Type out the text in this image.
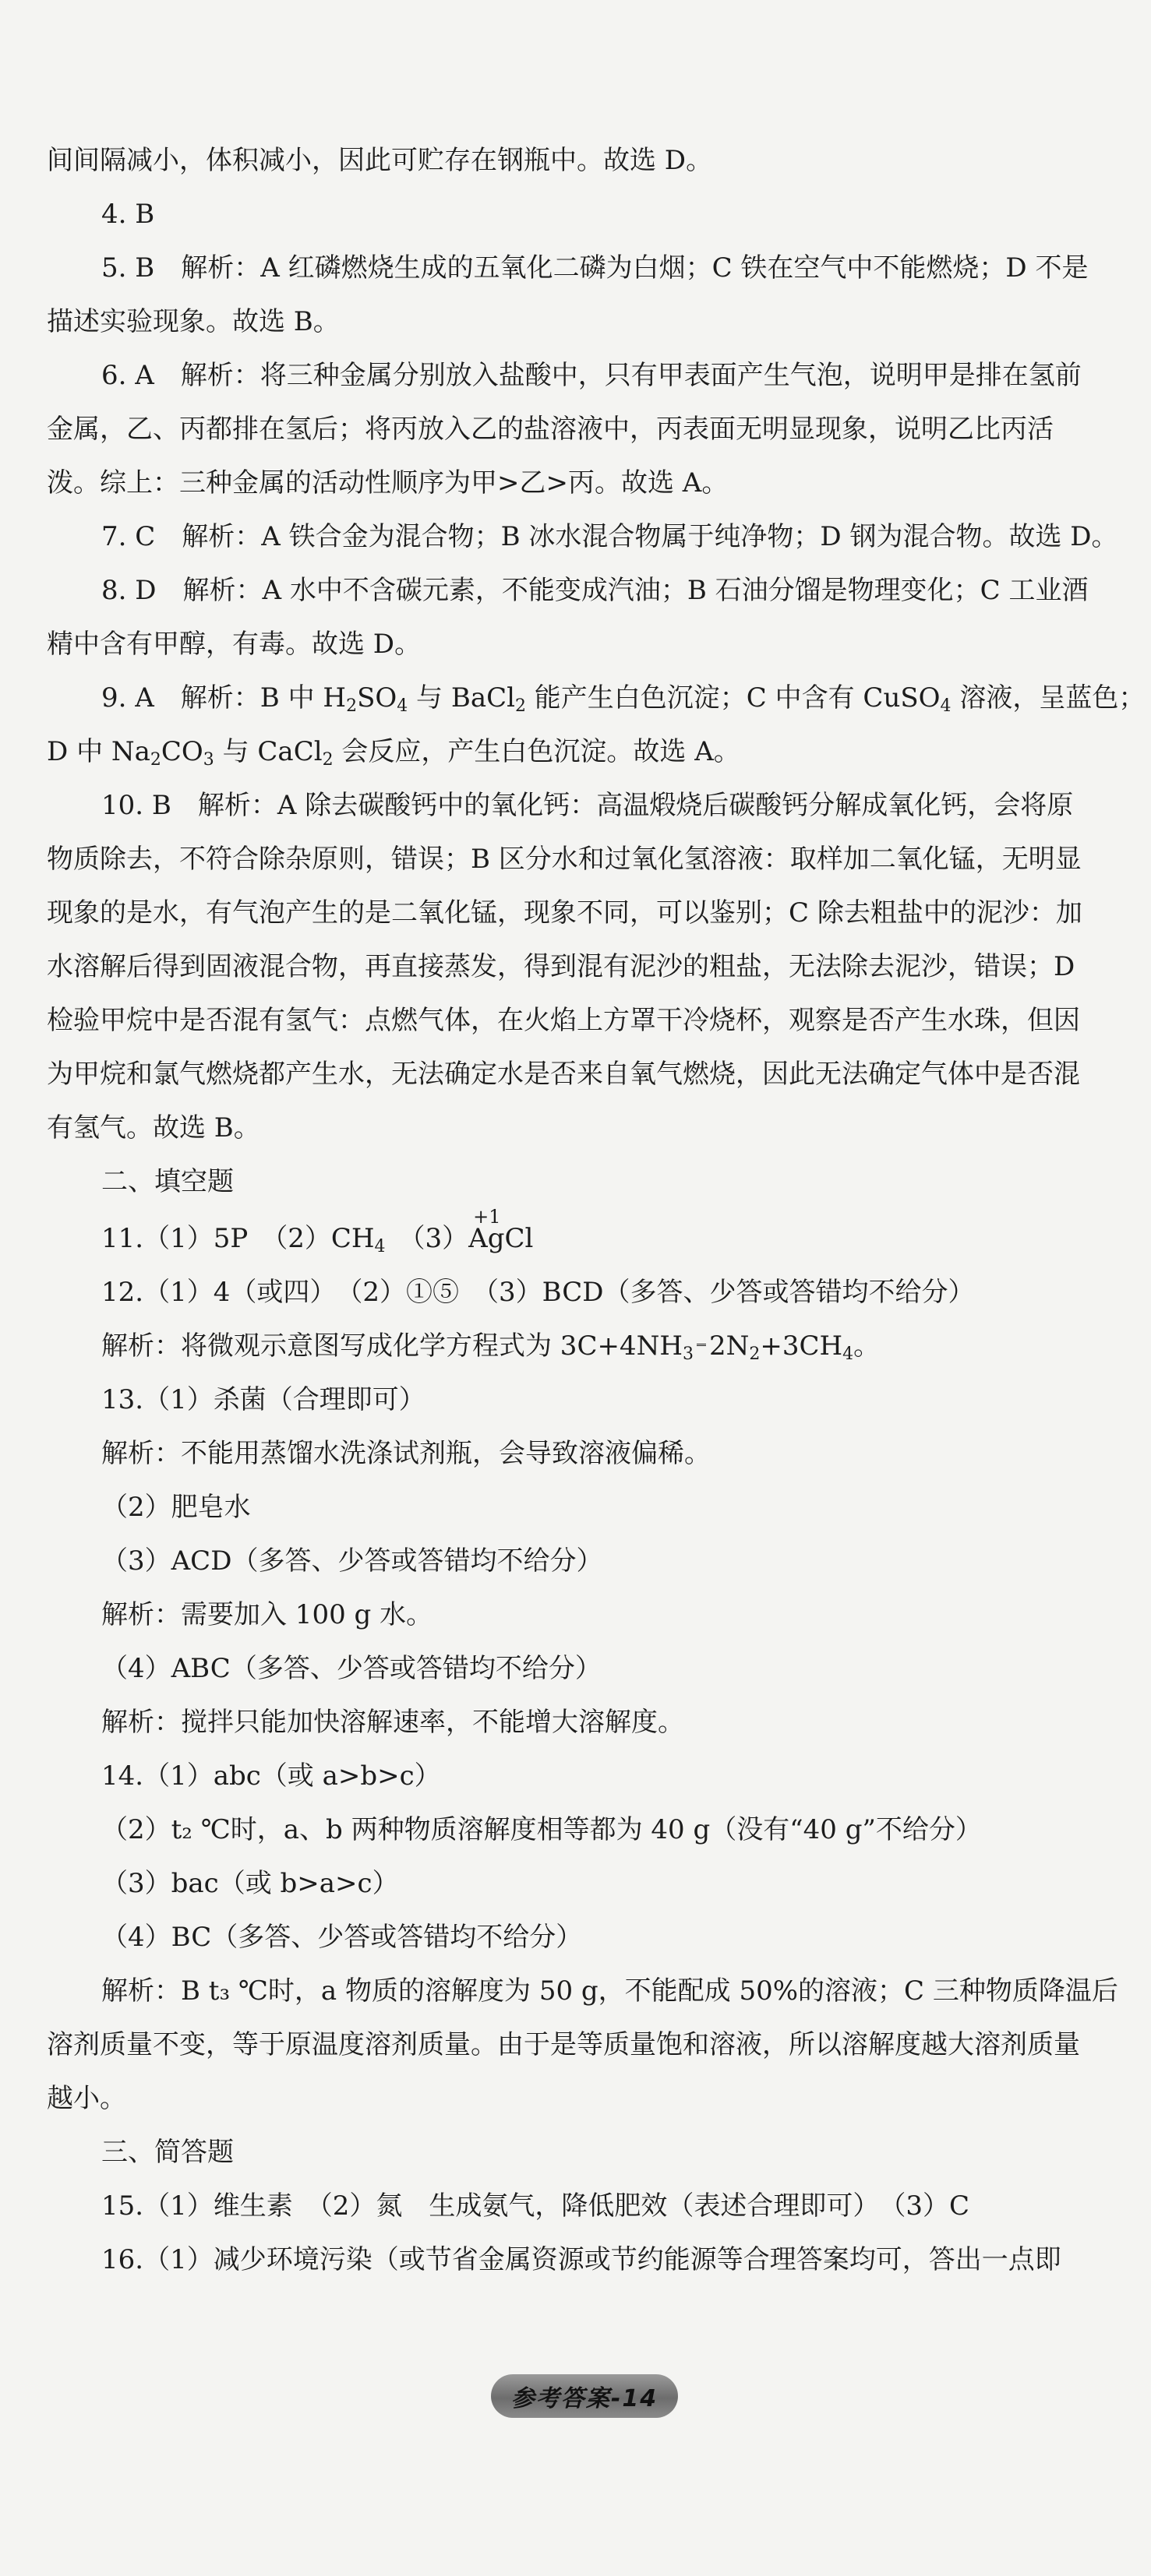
间间隔减小，体积减小，因此可贮存在钢瓶中。故选 D。
4. B
5. B　解析：A 红磷燃烧生成的五氧化二磷为白烟；C 铁在空气中不能燃烧；D 不是
描述实验现象。故选 B。
6. A　解析：将三种金属分别放入盐酸中，只有甲表面产生气泡，说明甲是排在氢前
金属，乙、丙都排在氢后；将丙放入乙的盐溶液中，丙表面无明显现象，说明乙比丙活
泼。综上：三种金属的活动性顺序为甲>乙>丙。故选 A。
7. C　解析：A 铁合金为混合物；B 冰水混合物属于纯净物；D 钢为混合物。故选 D。
8. D　解析：A 水中不含碳元素，不能变成汽油；B 石油分馏是物理变化；C 工业酒
精中含有甲醇，有毒。故选 D。
9. A　解析：B 中 $H_2SO_4$ 与 BaCl$_2$ 能产生白色沉淀；C 中含有 CuSO$_4$ 溶液，呈蓝色；
D 中 $Na_2CO_3$ 与 CaCl$_2$ 会反应，产生白色沉淀。故选 A。
10. B　解析：A 除去碳酸钙中的氧化钙：高温煅烧后碳酸钙分解成氧化钙，会将原
物质除去，不符合除杂原则，错误；B 区分水和过氧化氢溶液：取样加二氧化锰，无明显
现象的是水，有气泡产生的是二氧化锰，现象不同，可以鉴别；C 除去粗盐中的泥沙：加
水溶解后得到固液混合物，再直接蒸发，得到混有泥沙的粗盐，无法除去泥沙，错误；D
检验甲烷中是否混有氢气：点燃气体，在火焰上方罩干冷烧杯，观察是否产生水珠，但因
为甲烷和氯气燃烧都产生水，无法确定水是否来自氧气燃烧，因此无法确定气体中是否混
有氢气。故选 B。
二、填空题
11.（1）5P　$(2)CH_4$　（3）
+1
AgCl
12.（1）4（或四）　（2）①⑤　（3）BCD（多答、少答或答错均不给分）
解析：将微观示意图写成化学方程式为 $3C+4NH_3$ $2N_2+3CH_4$。
13.（1）杀菌（合理即可）
解析：不能用蒸馏水洗涤试剂瓶，会导致溶液偏稀。
（2）肥皂水
（3）ACD（多答、少答或答错均不给分）
解析：需要加入 100 g 水。
（4）ABC（多答、少答或答错均不给分）
解析：搅拌只能加快溶解速率，不能增大溶解度。
14.（1）abc（或 a>b>c）
（2）t₂ ℃时，a、b 两种物质溶解度相等都为 40 g（没有“40 g”不给分）
（3）bac（或 b>a>c）
（4）BC（多答、少答或答错均不给分）
解析：B t₃ ℃时，a 物质的溶解度为 50 g，不能配成 50%的溶液；C 三种物质降温后
溶剂质量不变，等于原温度溶剂质量。由于是等质量饱和溶液，所以溶解度越大溶剂质量
越小。
三、简答题
15.（1）维生素　（2）氮　生成氨气，降低肥效（表述合理即可）　（3）C
16.（1）减少环境污染（或节省金属资源或节约能源等合理答案均可，答出一点即
参考答案-14
